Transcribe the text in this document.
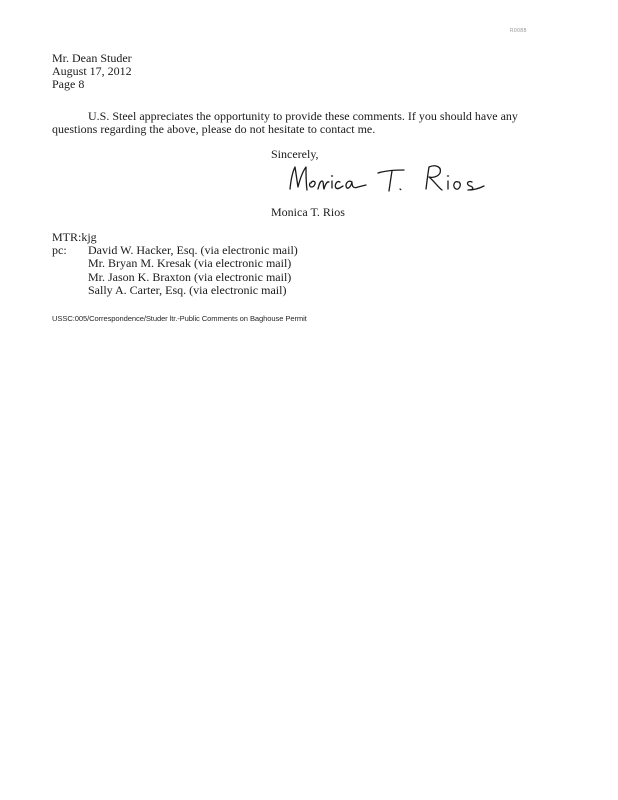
R0088
Mr. Dean Studer
August 17, 2012
Page 8
U.S. Steel appreciates the opportunity to provide these comments. If you should have any questions regarding the above, please do not hesitate to contact me.
Sincerely,
Monica T. Rios
MTR:kjg
pc: David W. Hacker, Esq. (via electronic mail)
Mr. Bryan M. Kresak (via electronic mail)
Mr. Jason K. Braxton (via electronic mail)
Sally A. Carter, Esq. (via electronic mail)
USSC:005/Correspondence/Studer ltr.-Public Comments on Baghouse Permit
